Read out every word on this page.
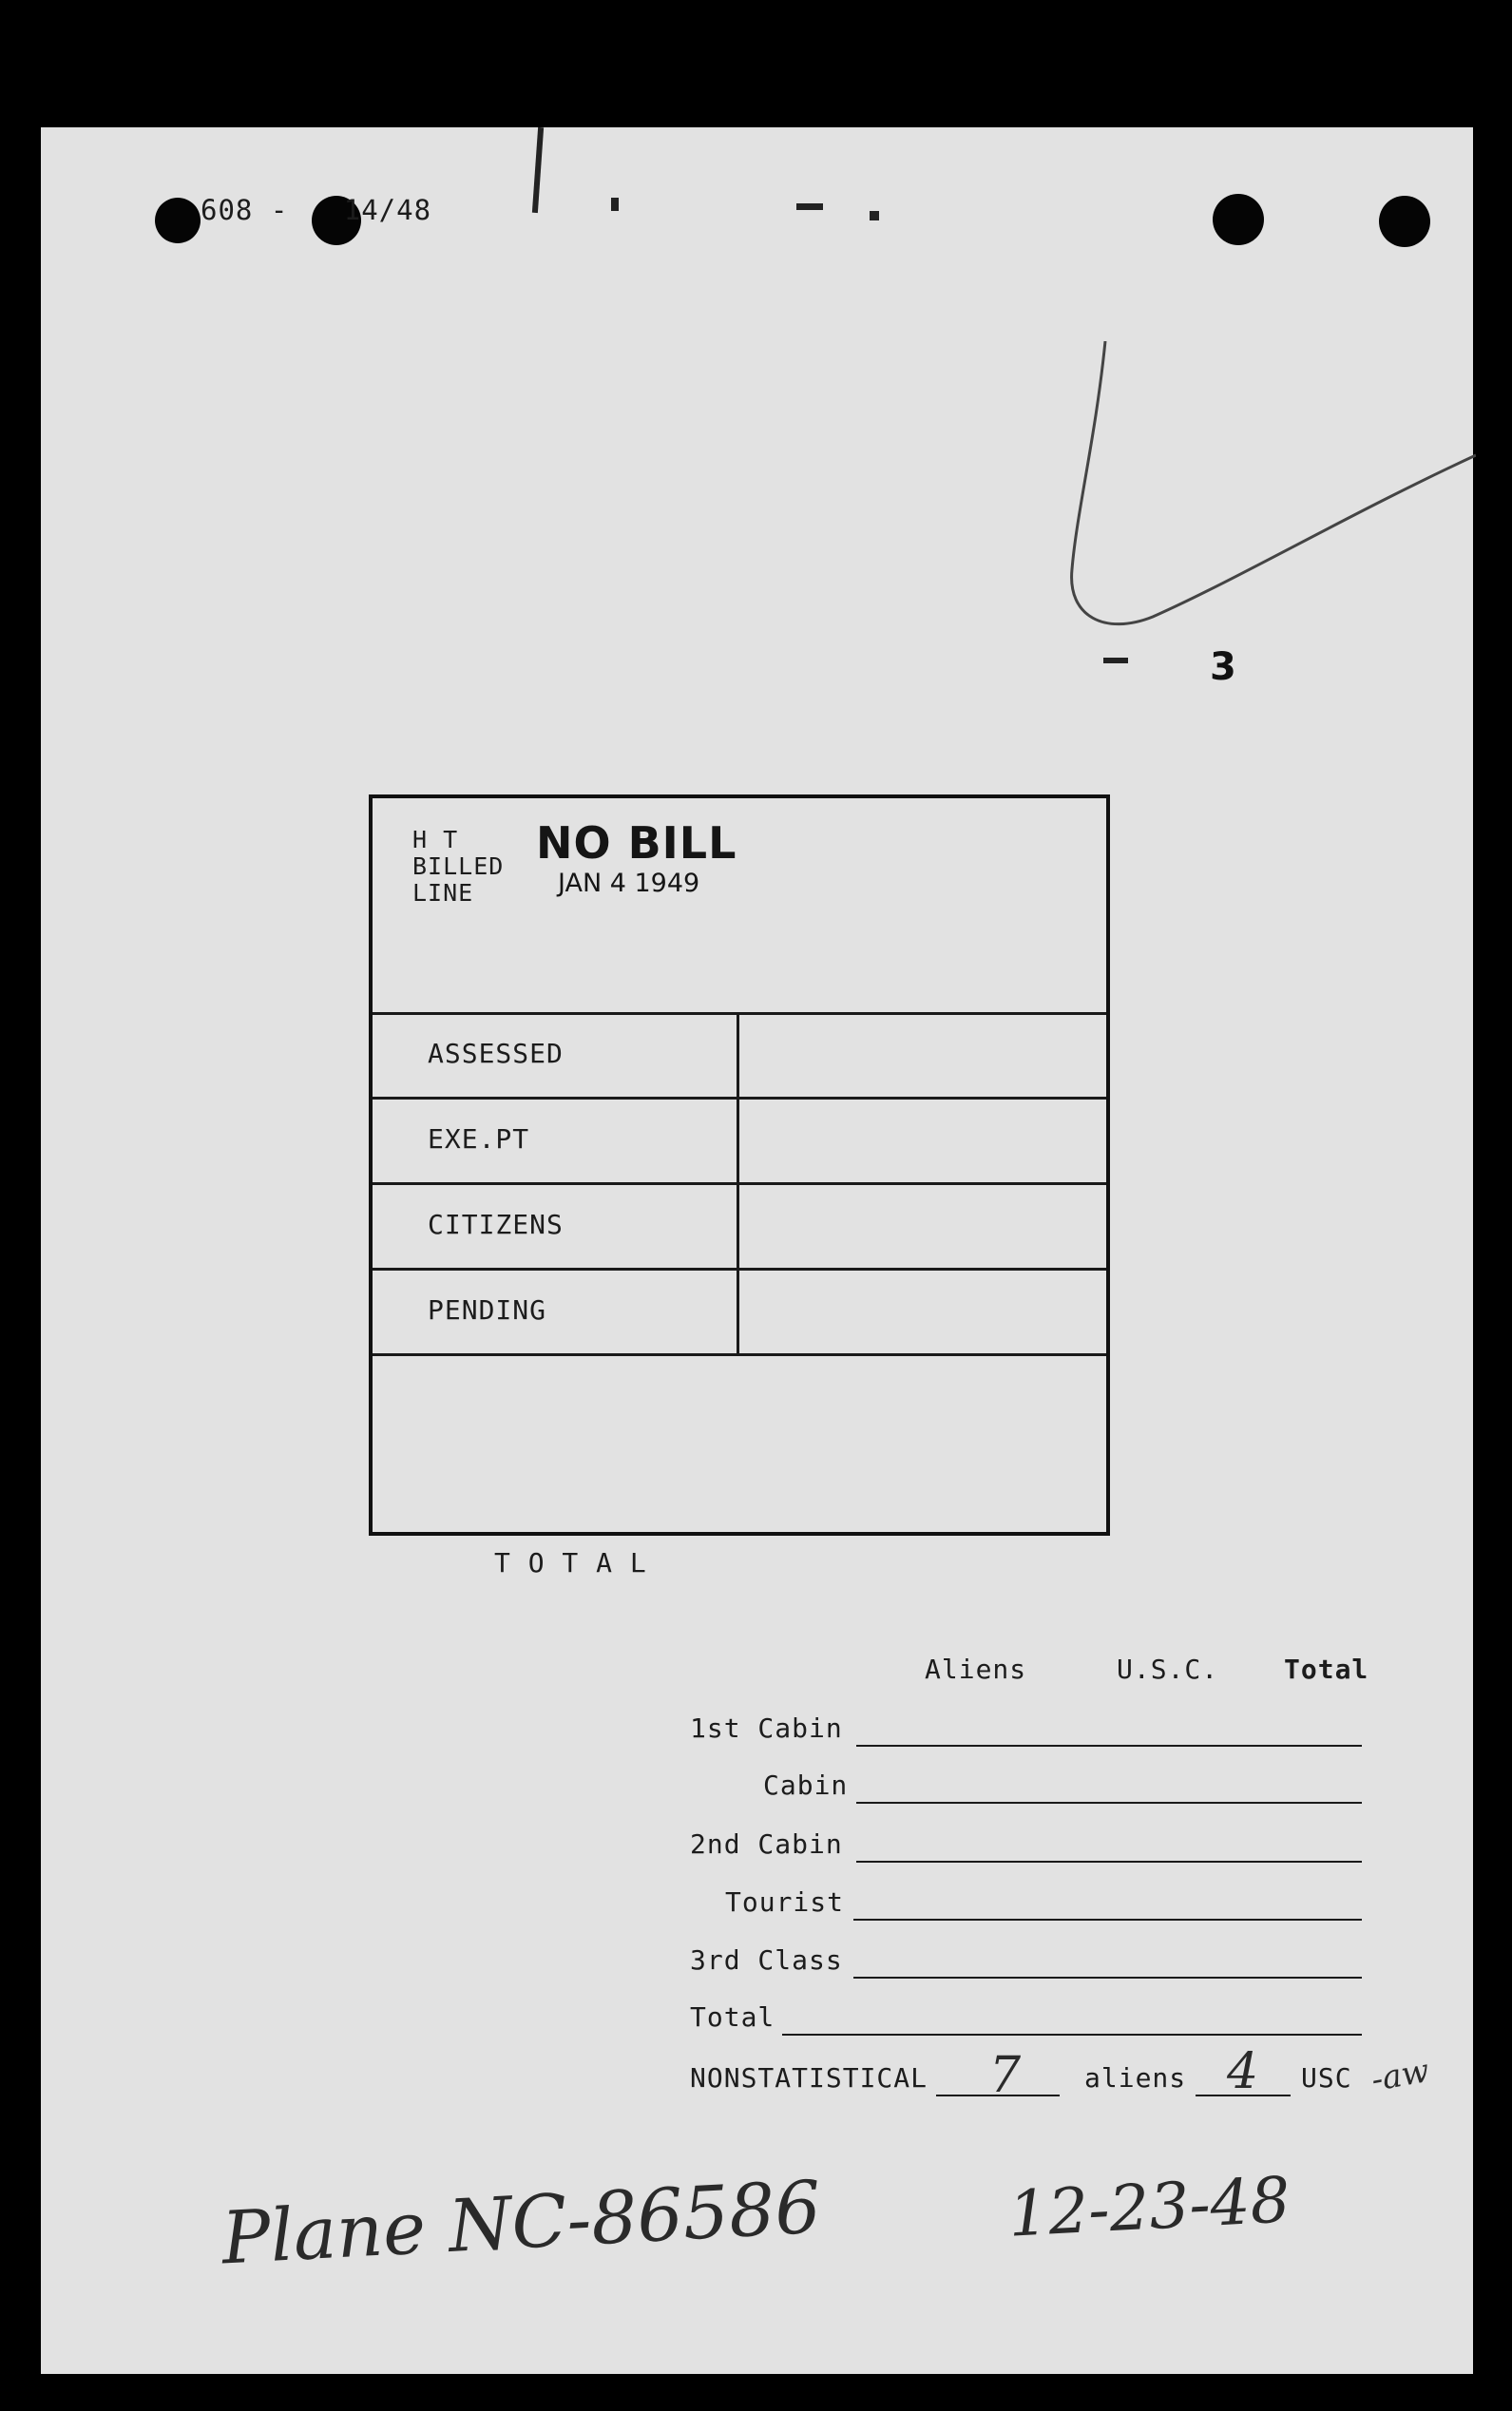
608 - 14/48
3
H T
BILLED
LINE
NO BILL
JAN 4 1949
ASSESSED
EXE.PT
CITIZENS
PENDING
T O T A L
Aliens	U.S.C. Total
1st Cabin
Cabin
2nd Cabin
Tourist
3rd Class
Total
NONSTATISTICAL 7 aliens 4 USC -aw
Plane NC-86586	12-23-48
